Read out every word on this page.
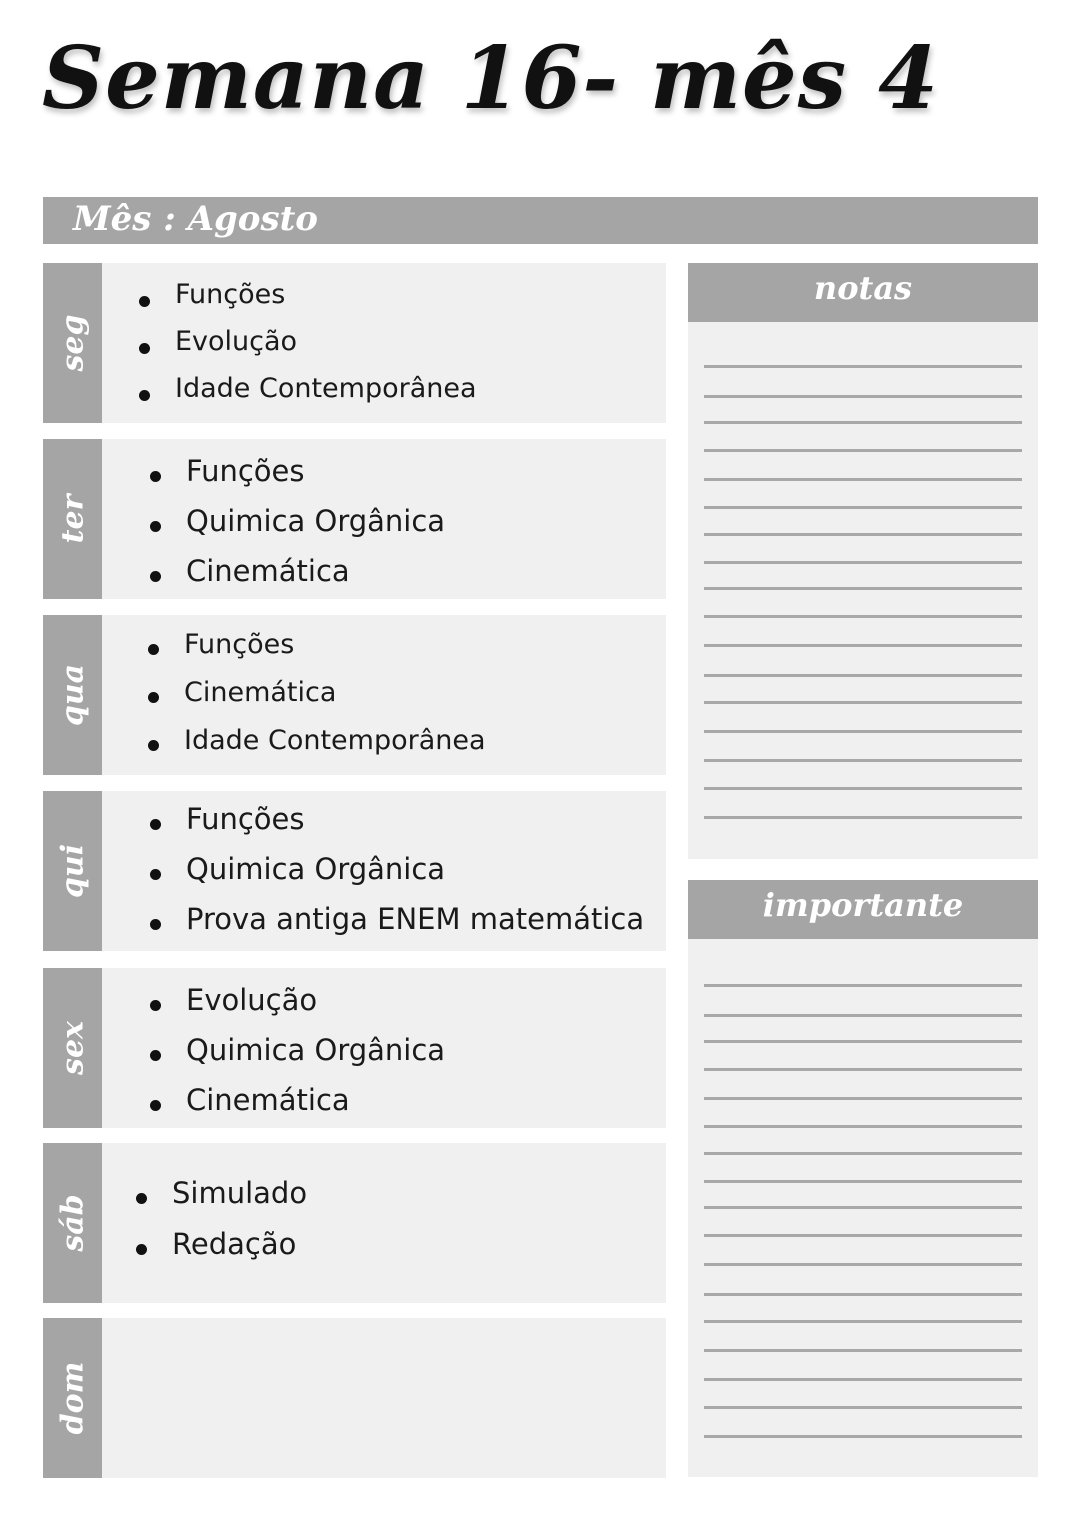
Semana 16- mês 4
Mês : Agosto
seg
Funções
Evolução
Idade Contemporânea
ter
Funções
Quimica Orgânica
Cinemática
qua
Funções
Cinemática
Idade Contemporânea
qui
Funções
Quimica Orgânica
Prova antiga ENEM matemática
sex
Evolução
Quimica Orgânica
Cinemática
sáb
Simulado
Redação
dom
notas
importante
